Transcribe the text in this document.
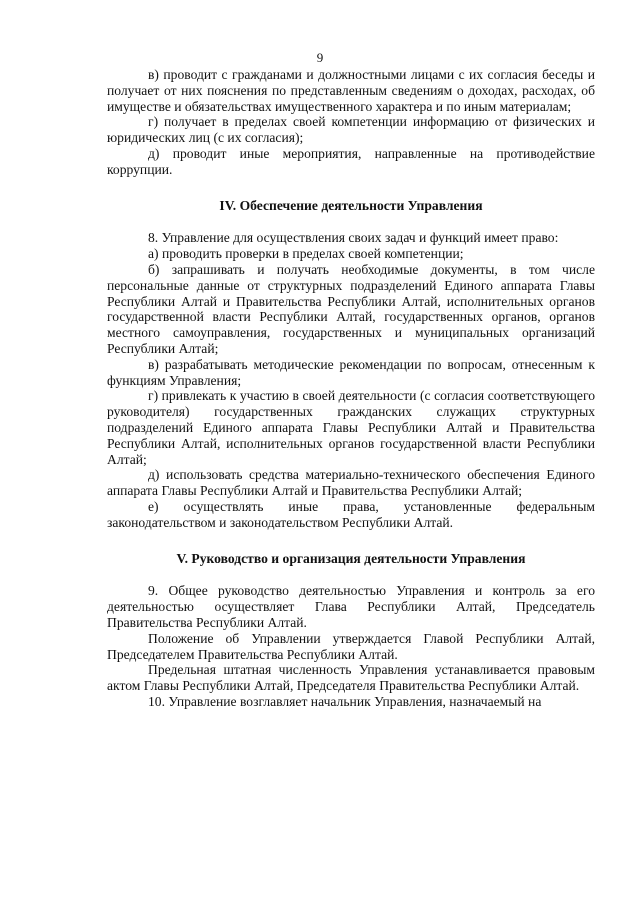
9

в) проводит с гражданами и должностными лицами с их согласия беседы и получает от них пояснения по представленным сведениям о доходах, расходах, об имуществе и обязательствах имущественного характера и по иным материалам;

г) получает в пределах своей компетенции информацию от физических и юридических лиц (с их согласия);

д) проводит иные мероприятия, направленные на противодействие коррупции.

IV. Обеспечение деятельности Управления

8. Управление для осуществления своих задач и функций имеет право:

а) проводить проверки в пределах своей компетенции;

б) запрашивать и получать необходимые документы, в том числе персональные данные от структурных подразделений Единого аппарата Главы Республики Алтай и Правительства Республики Алтай, исполнительных органов государственной власти Республики Алтай, государственных органов, органов местного самоуправления, государственных и муниципальных организаций Республики Алтай;

в) разрабатывать методические рекомендации по вопросам, отнесенным к функциям Управления;

г) привлекать к участию в своей деятельности (с согласия соответствующего руководителя) государственных гражданских служащих структурных подразделений Единого аппарата Главы Республики Алтай и Правительства Республики Алтай, исполнительных органов государственной власти Республики Алтай;

д) использовать средства материально-технического обеспечения Единого аппарата Главы Республики Алтай и Правительства Республики Алтай;

е) осуществлять иные права, установленные федеральным законодательством и законодательством Республики Алтай.

V. Руководство и организация деятельности Управления

9. Общее руководство деятельностью Управления и контроль за его деятельностью осуществляет Глава Республики Алтай, Председатель Правительства Республики Алтай.

Положение об Управлении утверждается Главой Республики Алтай, Председателем Правительства Республики Алтай.

Предельная штатная численность Управления устанавливается правовым актом Главы Республики Алтай, Председателя Правительства Республики Алтай.

10. Управление возглавляет начальник Управления, назначаемый на
